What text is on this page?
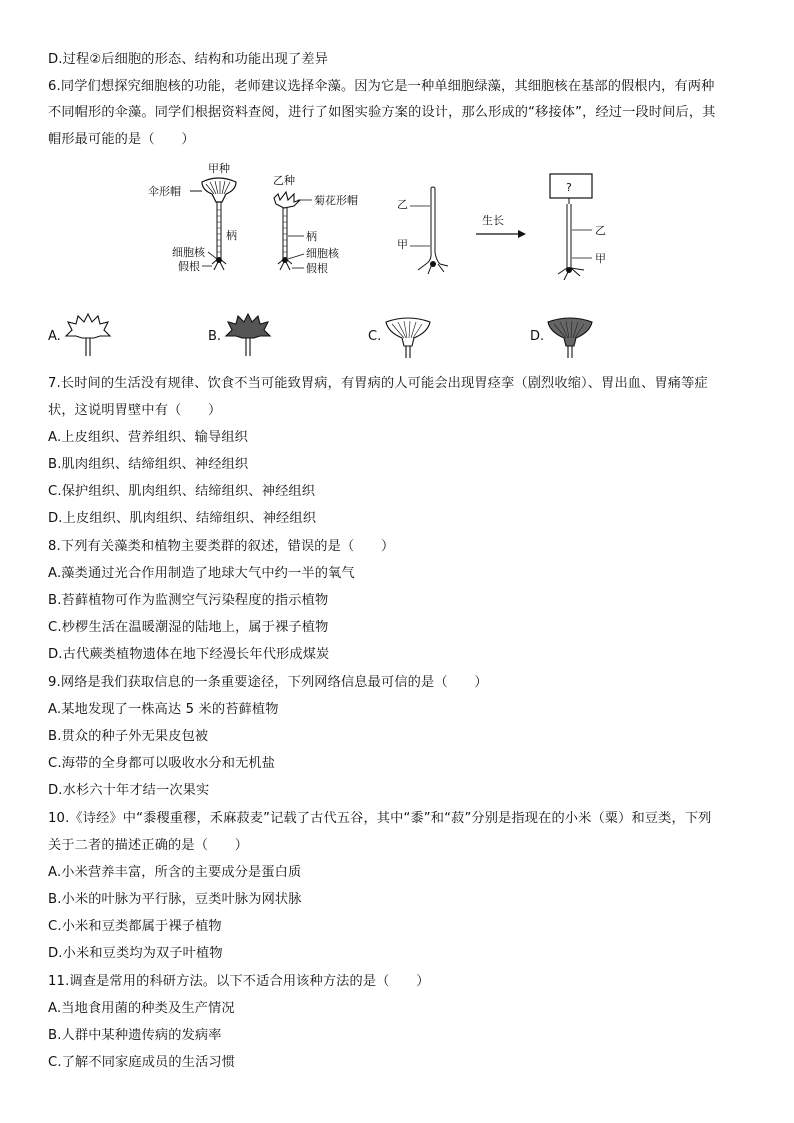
D.过程②后细胞的形态、结构和功能出现了差异
6.同学们想探究细胞核的功能，老师建议选择伞藻。因为它是一种单细胞绿藻，其细胞核在基部的假根内，有两种
不同帽形的伞藻。同学们根据资料查阅，进行了如图实验方案的设计，那么形成的“移接体”，经过一段时间后，其
帽形最可能的是（　　）
甲种
伞形帽
柄
细胞核
假根
乙种
菊花形帽
柄
细胞核
假根
乙
甲
生长
?
乙
甲
A.	B.	C.	D.
7.长时间的生活没有规律、饮食不当可能致胃病，有胃病的人可能会出现胃痉挛（剧烈收缩）、胃出血、胃痛等症
状，这说明胃壁中有（　　）
A.上皮组织、营养组织、输导组织
B.肌肉组织、结缔组织、神经组织
C.保护组织、肌肉组织、结缔组织、神经组织
D.上皮组织、肌肉组织、结缔组织、神经组织
8.下列有关藻类和植物主要类群的叙述，错误的是（　　）
A.藻类通过光合作用制造了地球大气中约一半的氧气
B.苔藓植物可作为监测空气污染程度的指示植物
C.杪椤生活在温暖潮湿的陆地上，属于裸子植物
D.古代蕨类植物遗体在地下经漫长年代形成煤炭
9.网络是我们获取信息的一条重要途径，下列网络信息最可信的是（　　）
A.某地发现了一株高达 5 米的苔藓植物
B.贯众的种子外无果皮包被
C.海带的全身都可以吸收水分和无机盐
D.水杉六十年才结一次果实
10.《诗经》中“黍稷重穋，禾麻菽麦”记载了古代五谷，其中“黍”和“菽”分别是指现在的小米（粟）和豆类，下列
关于二者的描述正确的是（　　）
A.小米营养丰富，所含的主要成分是蛋白质
B.小米的叶脉为平行脉，豆类叶脉为网状脉
C.小米和豆类都属于裸子植物
D.小米和豆类均为双子叶植物
11.调查是常用的科研方法。以下不适合用该种方法的是（　　）
A.当地食用菌的种类及生产情况
B.人群中某种遗传病的发病率
C.了解不同家庭成员的生活习惯
